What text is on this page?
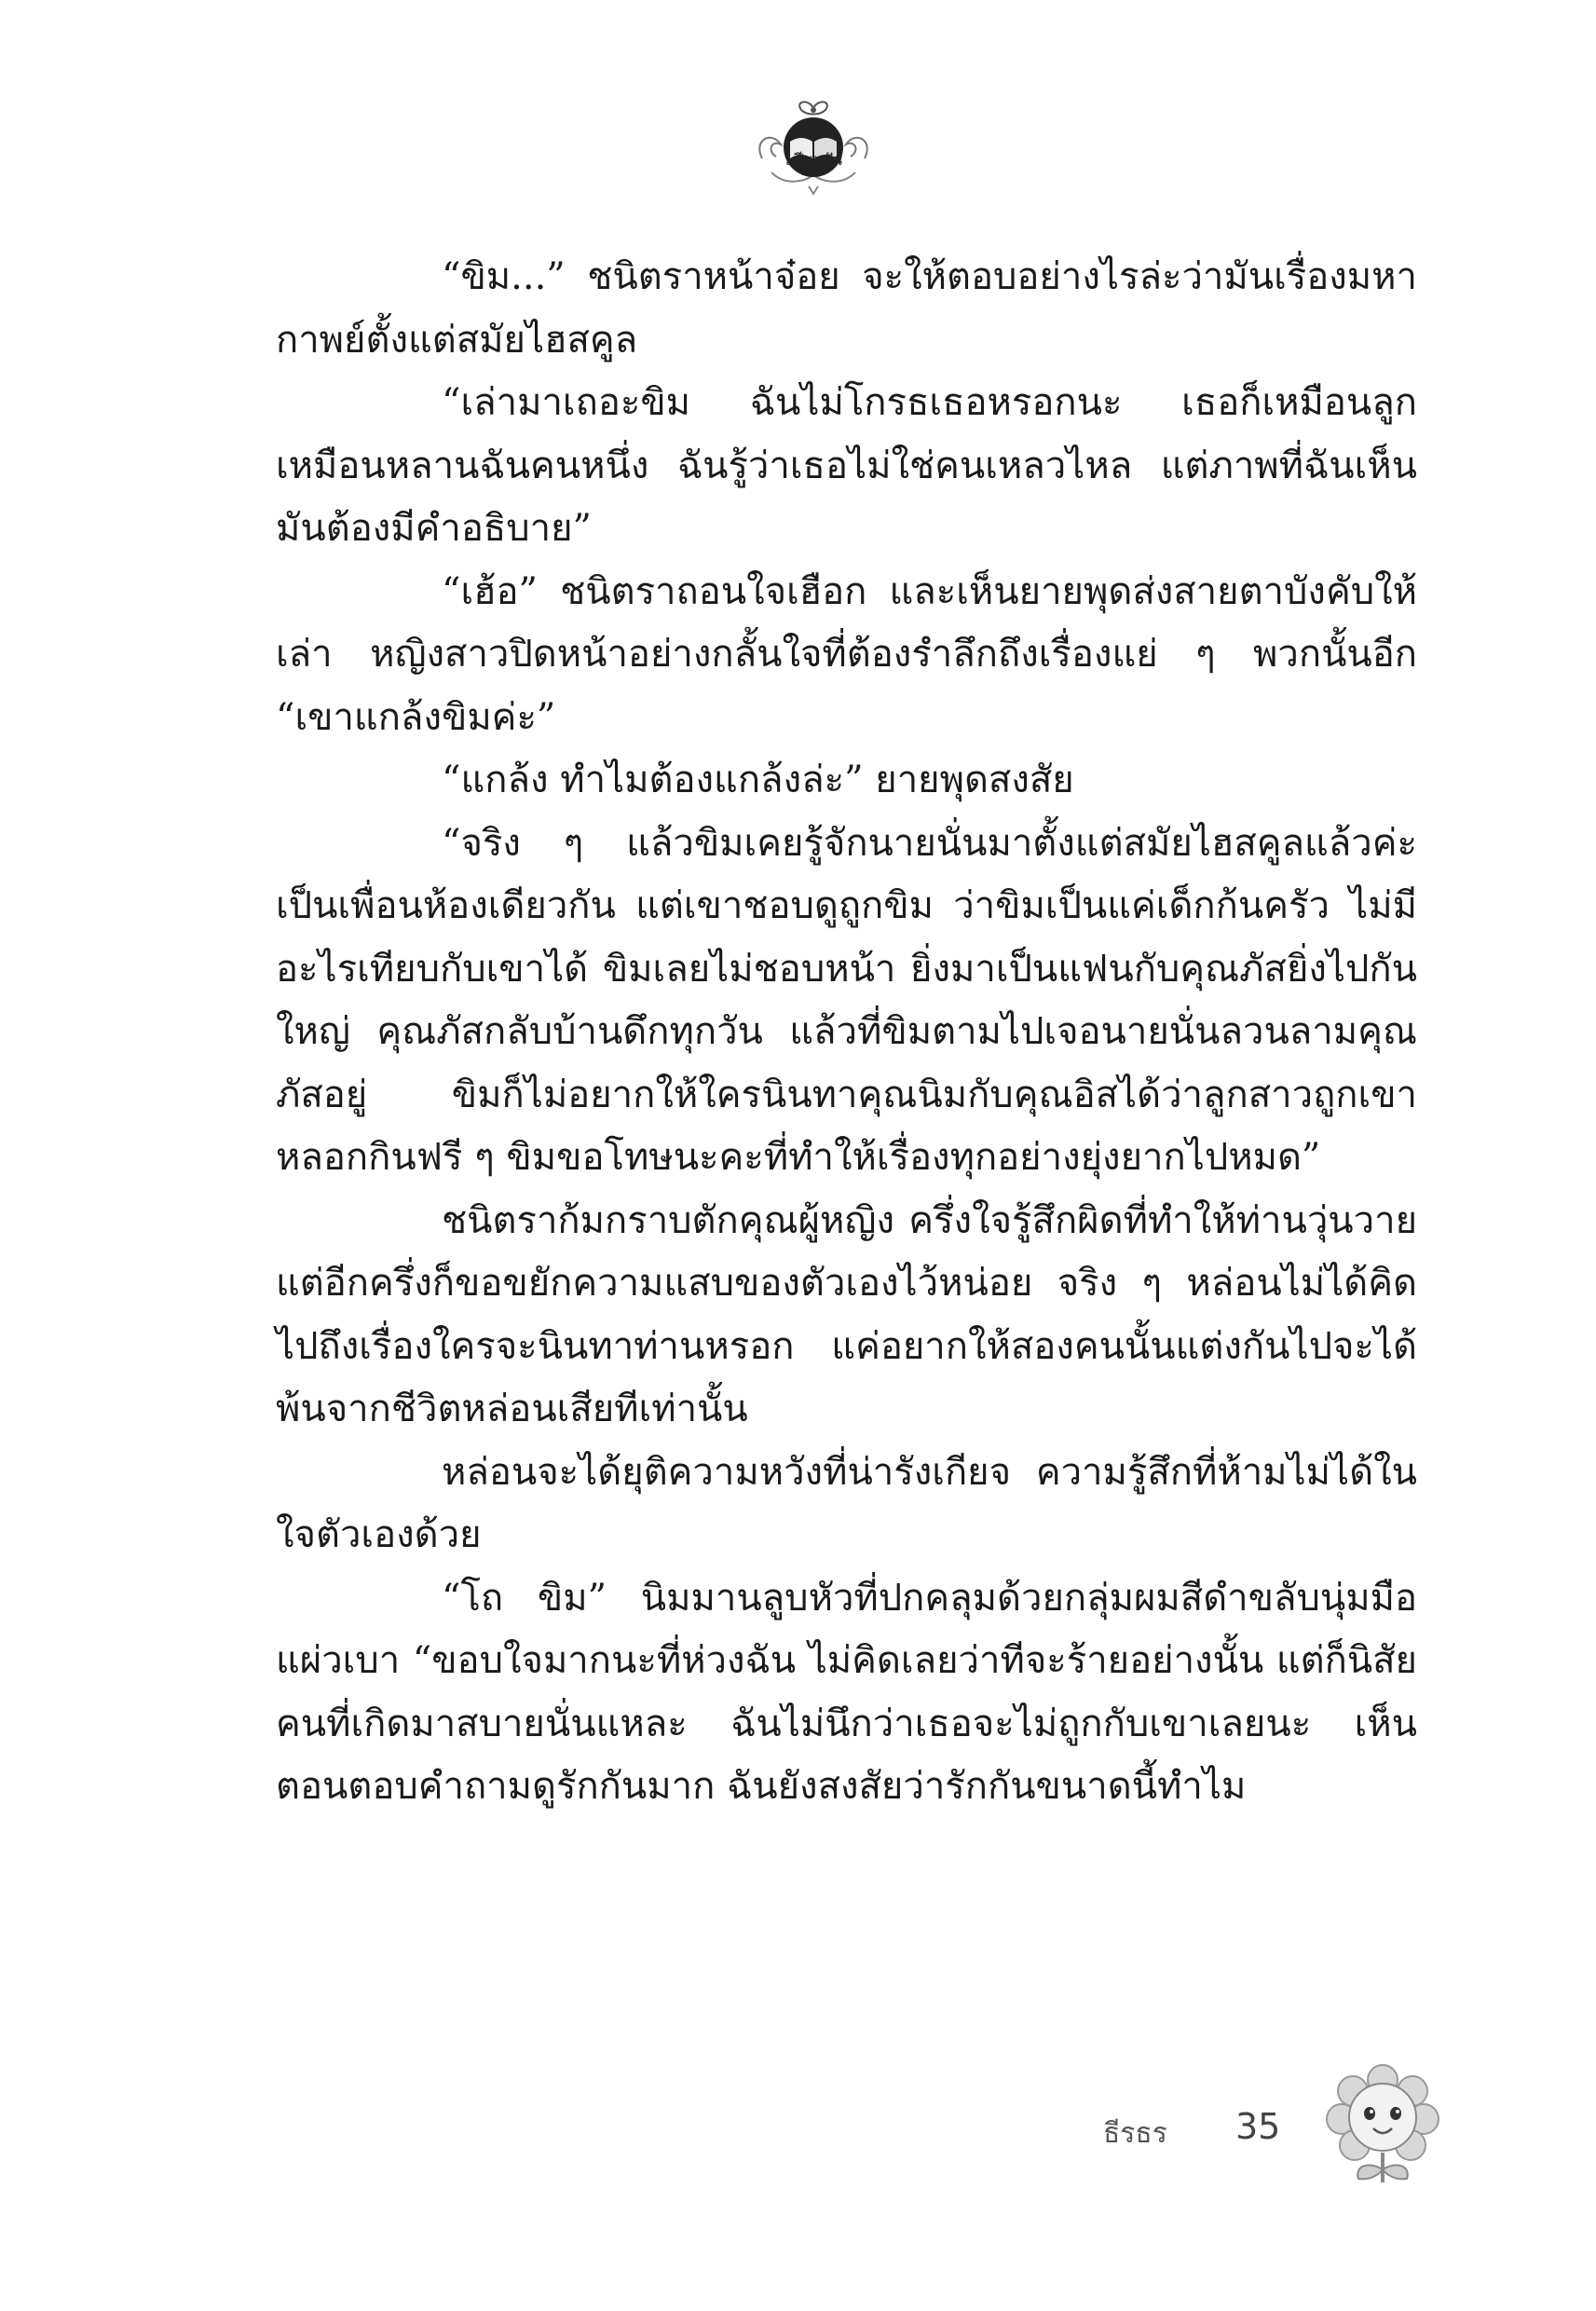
เฟียนฝัน

“ขิม...” ชนิตราหน้าจ๋อย จะให้ตอบอย่างไรล่ะว่ามันเรื่องมหากาพย์ตั้งแต่สมัยไฮสคูล

“เล่ามาเถอะขิม ฉันไม่โกรธเธอหรอกนะ เธอก็เหมือนลูกเหมือนหลานฉันคนหนึ่ง ฉันรู้ว่าเธอไม่ใช่คนเหลวไหล แต่ภาพที่ฉันเห็นมันต้องมีคำอธิบาย”

“เฮ้อ” ชนิตราถอนใจเฮือก และเห็นยายพุดส่งสายตาบังคับให้เล่า หญิงสาวปิดหน้าอย่างกลั้นใจที่ต้องรำลึกถึงเรื่องแย่ ๆ พวกนั้นอีก “เขาแกล้งขิมค่ะ”

“แกล้ง ทำไมต้องแกล้งล่ะ” ยายพุดสงสัย

“จริง ๆ แล้วขิมเคยรู้จักนายนั่นมาตั้งแต่สมัยไฮสคูลแล้วค่ะ เป็นเพื่อนห้องเดียวกัน แต่เขาชอบดูถูกขิม ว่าขิมเป็นแค่เด็กก้นครัว ไม่มีอะไรเทียบกับเขาได้ ขิมเลยไม่ชอบหน้า ยิ่งมาเป็นแฟนกับคุณภัสยิ่งไปกันใหญ่ คุณภัสกลับบ้านดึกทุกวัน แล้วที่ขิมตามไปเจอนายนั่นลวนลามคุณภัสอยู่ ขิมก็ไม่อยากให้ใครนินทาคุณนิมกับคุณอิสได้ว่าลูกสาวถูกเขาหลอกกินฟรี ๆ ขิมขอโทษนะคะที่ทำให้เรื่องทุกอย่างยุ่งยากไปหมด”

ชนิตราก้มกราบตักคุณผู้หญิง ครึ่งใจรู้สึกผิดที่ทำให้ท่านวุ่นวาย แต่อีกครึ่งก็ขอขยักความแสบของตัวเองไว้หน่อย จริง ๆ หล่อนไม่ได้คิดไปถึงเรื่องใครจะนินทาท่านหรอก แค่อยากให้สองคนนั้นแต่งกันไปจะได้พ้นจากชีวิตหล่อนเสียทีเท่านั้น

หล่อนจะได้ยุติความหวังที่น่ารังเกียจ ความรู้สึกที่ห้ามไม่ได้ในใจตัวเองด้วย

“โถ ขิม” นิมมานลูบหัวที่ปกคลุมด้วยกลุ่มผมสีดำขลับนุ่มมือแผ่วเบา “ขอบใจมากนะที่ห่วงฉัน ไม่คิดเลยว่าทีจะร้ายอย่างนั้น แต่ก็นิสัยคนที่เกิดมาสบายนั่นแหละ ฉันไม่นึกว่าเธอจะไม่ถูกกับเขาเลยนะ เห็นตอนตอบคำถามดูรักกันมาก ฉันยังสงสัยว่ารักกันขนาดนี้ทำไม

ธีรธร 35
